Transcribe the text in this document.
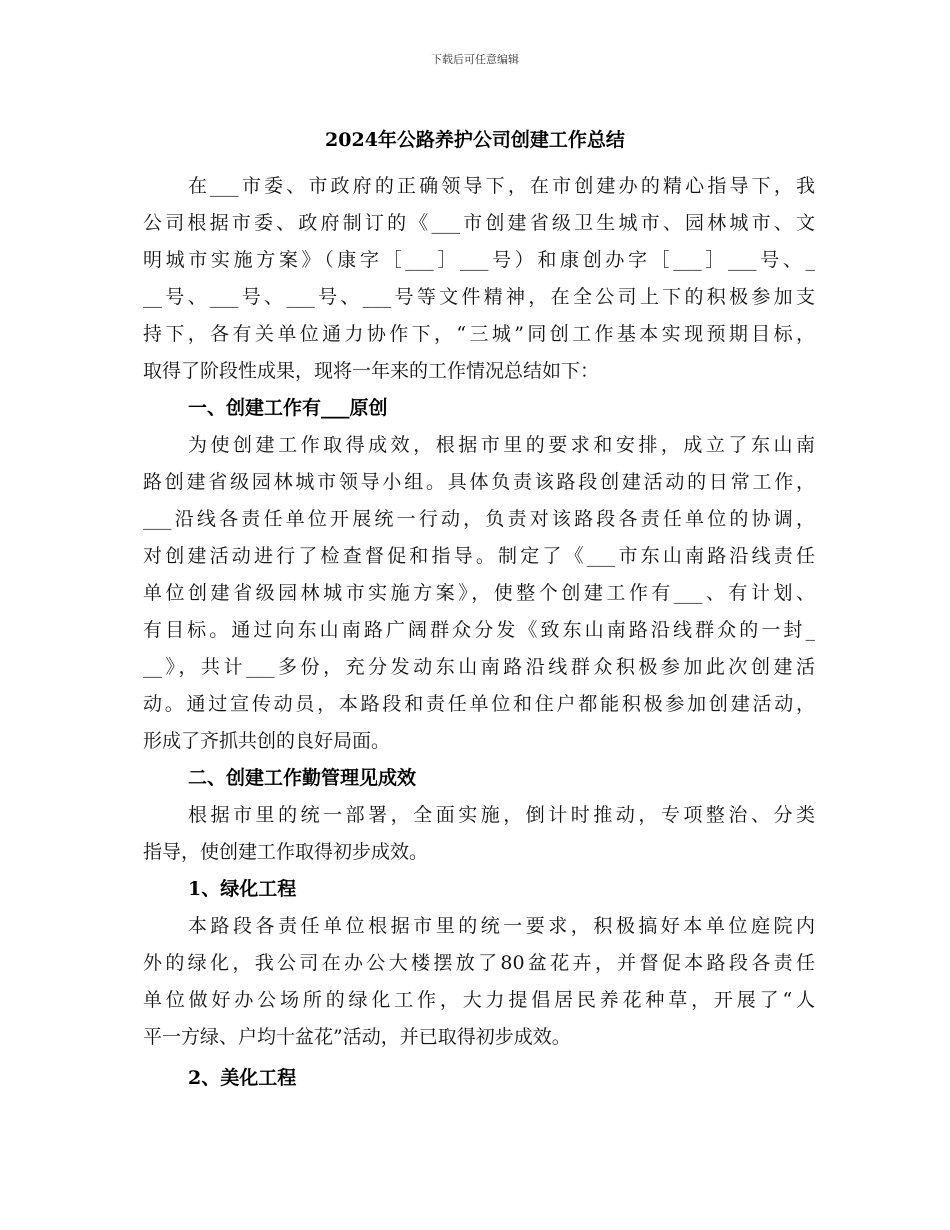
下载后可任意编辑
2024年公路养护公司创建工作总结
在___市委、市政府的正确领导下，在市创建办的精心指导下，我
公司根据市委、政府制订的《___市创建省级卫生城市、园林城市、文
明城市实施方案》（康字［___］___号）和康创办字［___］___号、_
__号、___号、___号、___号等文件精神，在全公司上下的积极参加支
持下，各有关单位通力协作下，“三城”同创工作基本实现预期目标，
取得了阶段性成果，现将一年来的工作情况总结如下：
一、创建工作有___原创
为使创建工作取得成效，根据市里的要求和安排，成立了东山南
路创建省级园林城市领导小组。具体负责该路段创建活动的日常工作，
___沿线各责任单位开展统一行动，负责对该路段各责任单位的协调，
对创建活动进行了检查督促和指导。制定了《___市东山南路沿线责任
单位创建省级园林城市实施方案》，使整个创建工作有___、有计划、
有目标。通过向东山南路广阔群众分发《致东山南路沿线群众的一封_
__》，共计___多份，充分发动东山南路沿线群众积极参加此次创建活
动。通过宣传动员，本路段和责任单位和住户都能积极参加创建活动，
形成了齐抓共创的良好局面。
二、创建工作勤管理见成效
根据市里的统一部署，全面实施，倒计时推动，专项整治、分类
指导，使创建工作取得初步成效。
1、绿化工程
本路段各责任单位根据市里的统一要求，积极搞好本单位庭院内
外的绿化，我公司在办公大楼摆放了80盆花卉，并督促本路段各责任
单位做好办公场所的绿化工作，大力提倡居民养花种草，开展了“人
平一方绿、户均十盆花”活动，并已取得初步成效。
2、美化工程
